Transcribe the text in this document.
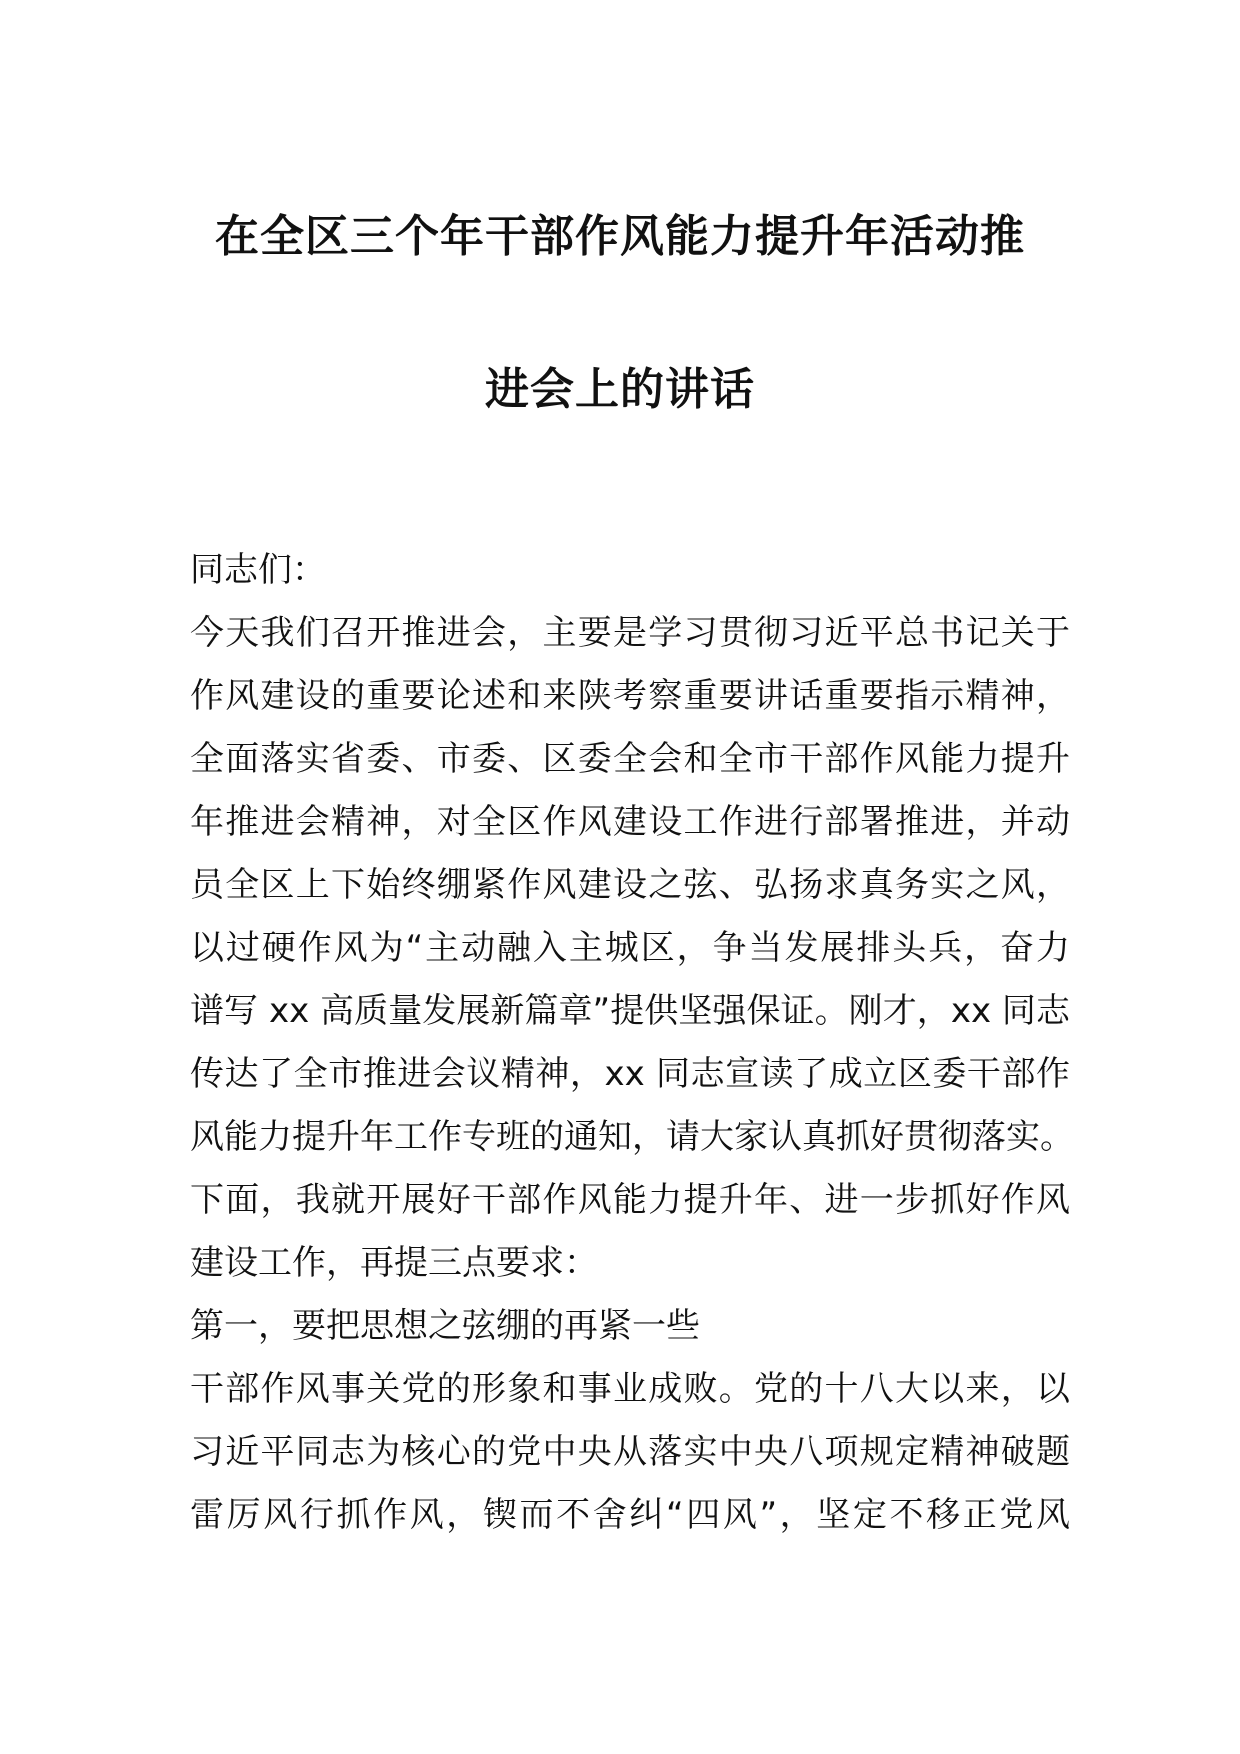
在全区三个年干部作风能力提升年活动推
进会上的讲话
同志们：
今天我们召开推进会，主要是学习贯彻习近平总书记关于
作风建设的重要论述和来陕考察重要讲话重要指示精神，
全面落实省委、市委、区委全会和全市干部作风能力提升
年推进会精神，对全区作风建设工作进行部署推进，并动
员全区上下始终绷紧作风建设之弦、弘扬求真务实之风，
以过硬作风为“主动融入主城区，争当发展排头兵，奋力
谱写 xx 高质量发展新篇章”提供坚强保证。刚才，xx 同志
传达了全市推进会议精神，xx 同志宣读了成立区委干部作
风能力提升年工作专班的通知，请大家认真抓好贯彻落实。
下面，我就开展好干部作风能力提升年、进一步抓好作风
建设工作，再提三点要求：
第一，要把思想之弦绷的再紧一些
干部作风事关党的形象和事业成败。党的十八大以来，以
习近平同志为核心的党中央从落实中央八项规定精神破题
雷厉风行抓作风，锲而不舍纠“四风”，坚定不移正党风
